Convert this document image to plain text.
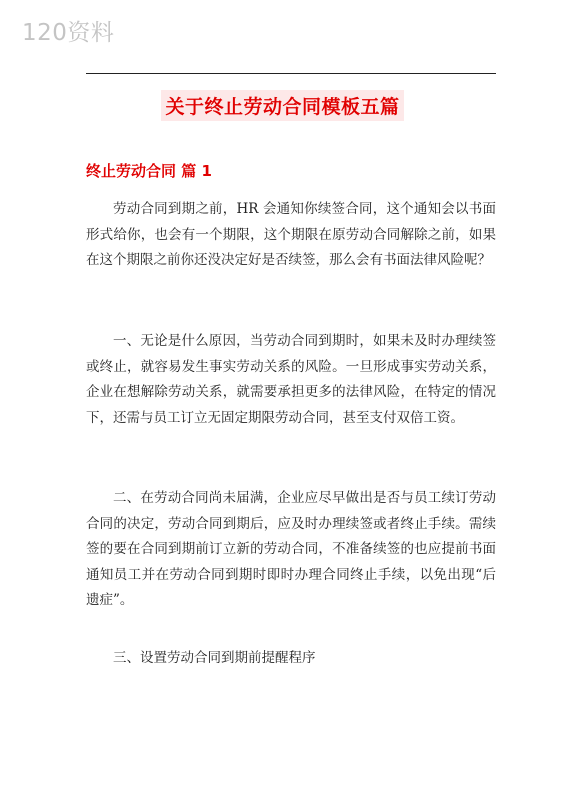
120资料
关于终止劳动合同模板五篇
终止劳动合同 篇 1

劳动合同到期之前，HR 会通知你续签合同，这个通知会以书面形式给你，也会有一个期限，这个期限在原劳动合同解除之前，如果在这个期限之前你还没决定好是否续签，那么会有书面法律风险呢？

一、无论是什么原因，当劳动合同到期时，如果未及时办理续签或终止，就容易发生事实劳动关系的风险。一旦形成事实劳动关系，企业在想解除劳动关系，就需要承担更多的法律风险，在特定的情况下，还需与员工订立无固定期限劳动合同，甚至支付双倍工资。

二、在劳动合同尚未届满，企业应尽早做出是否与员工续订劳动合同的决定，劳动合同到期后，应及时办理续签或者终止手续。需续签的要在合同到期前订立新的劳动合同，不准备续签的也应提前书面通知员工并在劳动合同到期时即时办理合同终止手续，以免出现“后遗症”。

三、设置劳动合同到期前提醒程序
